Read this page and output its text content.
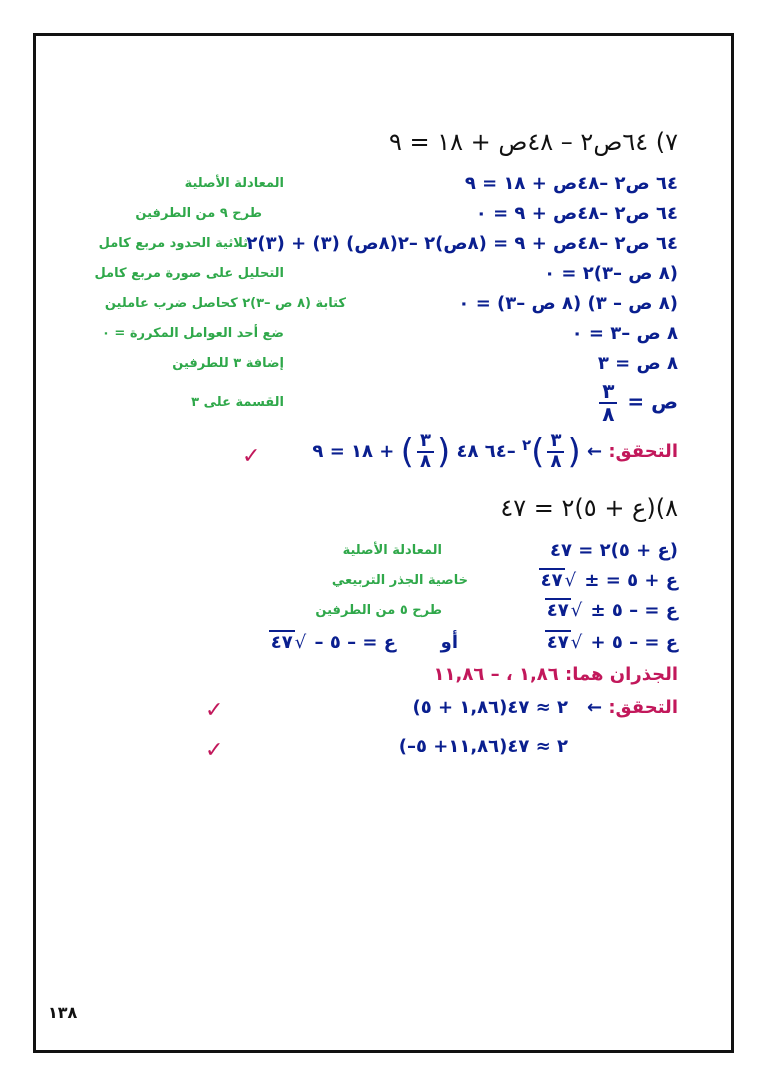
٧) ٦٤ص٢ – ٤٨ص + ١٨ = ٩
٦٤ ص٢ –٤٨ص + ١٨ = ٩
المعادلة الأصلية
٦٤ ص٢ –٤٨ص + ٩ = ٠
طرح ٩ من الطرفين
٦٤ ص٢ –٤٨ص + ٩ = (٨ص)٢ –٢(٨ص) (٣) + (٣)٢
ثلاثية الحدود مربع كامل
(٨ ص –٣)٢ = ٠
التحليل على صورة مربع كامل
(٨ ص – ٣) (٨ ص –٣) = ٠
كتابة (٨ ص –٣)٢ كحاصل ضرب عاملين
٨ ص –٣ = ٠
ضع أحد العوامل المكررة = ٠
٨ ص = ٣
إضافة ٣ للطرفين
ص =
$\frac{٣}{٨}$
القسمة على ٣
التحقق: ← (
$\frac{٣}{٨}$
)$^٢$ –٦٤ ٤٨ (
$\frac{٣}{٨}$
) + ١٨ = ٩
✓
٨)(ع + ٥)٢ = ٤٧
(ع + ٥)٢ = ٤٧
المعادلة الأصلية
ع + ٥ = ± √٤٧
خاصية الجذر التربيعي
ع = – ٥ ± √٤٧
طرح ٥ من الطرفين
ع = – ٥ + √٤٧
أو
ع = – ٥ – √٤٧
الجذران هما: ١,٨٦ ، – ١١,٨٦
التحقق: ←
(١,٨٦ + ٥)٢ ≈ ٤٧
✓
(–١١,٨٦+ ٥)٢ ≈ ٤٧
✓
١٣٨
